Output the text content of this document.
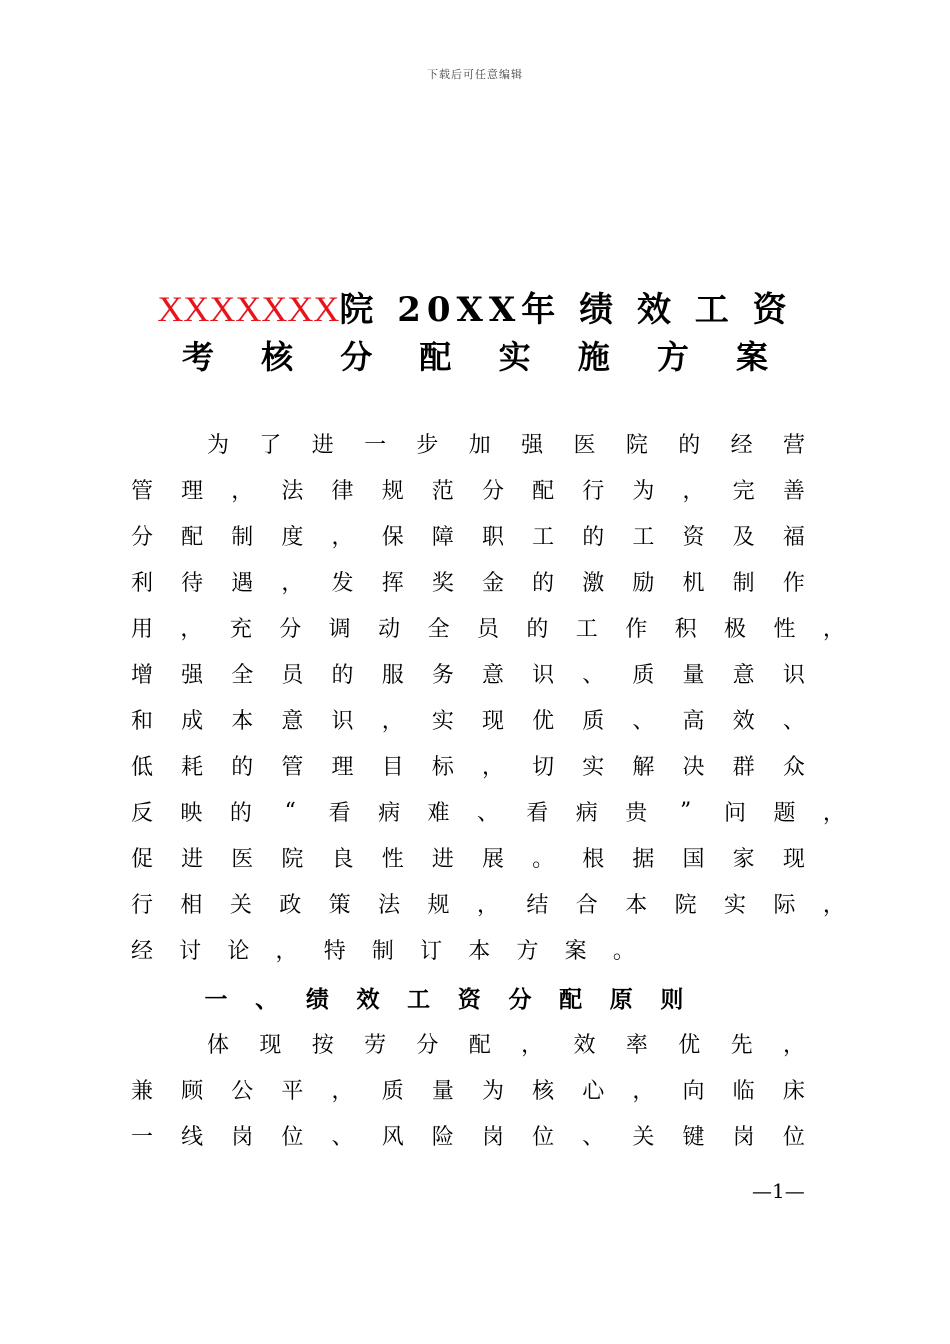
下载后可任意编辑
XXXXXXX院 20XX年 绩 效 工 资
考 核 分 配 实 施 方 案
为 了 进 一 步 加 强 医 院 的 经 营
管 理 ， 法 律 规 范 分 配 行 为 ， 完 善
分 配 制 度 ， 保 障 职 工 的 工 资 及 福
利 待 遇 ， 发 挥 奖 金 的 激 励 机 制 作
用 ， 充 分 调 动 全 员 的 工 作 积 极 性 ，
增 强 全 员 的 服 务 意 识 、 质 量 意 识
和 成 本 意 识 ， 实 现 优 质 、 高 效 、
低 耗 的 管 理 目 标 ， 切 实 解 决 群 众
反 映 的 “ 看 病 难 、 看 病 贵 ” 问 题 ，
促 进 医 院 良 性 进 展 。 根 据 国 家 现
行 相 关 政 策 法 规 ， 结 合 本 院 实 际 ，
经 讨 论 ， 特 制 订 本 方 案 。
一 、 绩 效 工 资 分 配 原 则
体 现 按 劳 分 配 ， 效 率 优 先 ，
兼 顾 公 平 ， 质 量 为 核 心 ， 向 临 床
一 线 岗 位 、 风 险 岗 位 、 关 键 岗 位
—1—
